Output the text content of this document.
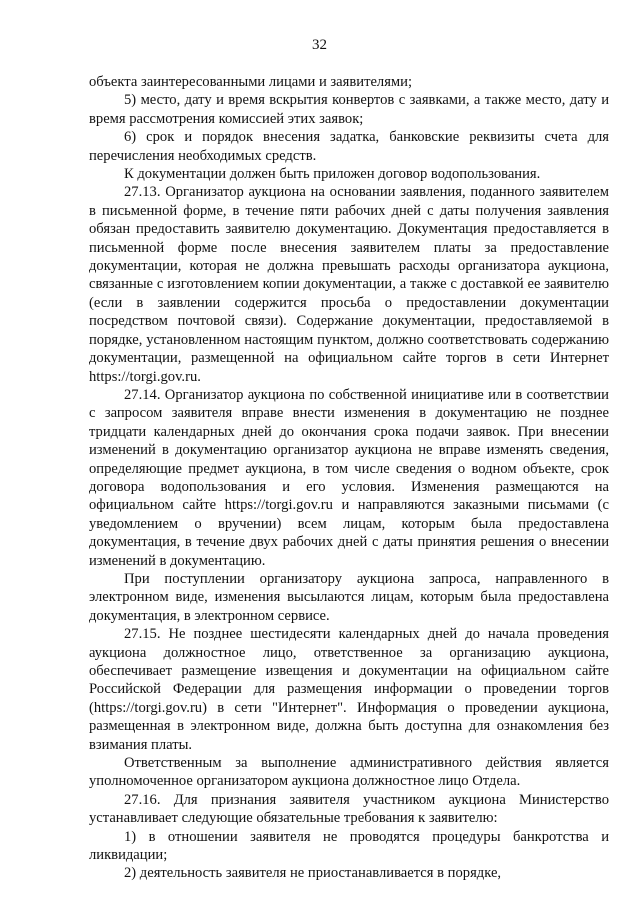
32

объекта заинтересованными лицами и заявителями;

5) место, дату и время вскрытия конвертов с заявками, а также место, дату и время рассмотрения комиссией этих заявок;

6) срок и порядок внесения задатка, банковские реквизиты счета для перечисления необходимых средств.

К документации должен быть приложен договор водопользования.

27.13. Организатор аукциона на основании заявления, поданного заявителем в письменной форме, в течение пяти рабочих дней с даты получения заявления обязан предоставить заявителю документацию. Документация предоставляется в письменной форме после внесения заявителем платы за предоставление документации, которая не должна превышать расходы организатора аукциона, связанные с изготовлением копии документации, а также с доставкой ее заявителю (если в заявлении содержится просьба о предоставлении документации посредством почтовой связи). Содержание документации, предоставляемой в порядке, установленном настоящим пунктом, должно соответствовать содержанию документации, размещенной на официальном сайте торгов в сети Интернет https://torgi.gov.ru.

27.14. Организатор аукциона по собственной инициативе или в соответствии с запросом заявителя вправе внести изменения в документацию не позднее тридцати календарных дней до окончания срока подачи заявок. При внесении изменений в документацию организатор аукциона не вправе изменять сведения, определяющие предмет аукциона, в том числе сведения о водном объекте, срок договора водопользования и его условия. Изменения размещаются на официальном сайте https://torgi.gov.ru и направляются заказными письмами (с уведомлением о вручении) всем лицам, которым была предоставлена документация, в течение двух рабочих дней с даты принятия решения о внесении изменений в документацию.

При поступлении организатору аукциона запроса, направленного в электронном виде, изменения высылаются лицам, которым была предоставлена документация, в электронном сервисе.

27.15. Не позднее шестидесяти календарных дней до начала проведения аукциона должностное лицо, ответственное за организацию аукциона, обеспечивает размещение извещения и документации на официальном сайте Российской Федерации для размещения информации о проведении торгов (https://torgi.gov.ru) в сети "Интернет". Информация о проведении аукциона, размещенная в электронном виде, должна быть доступна для ознакомления без взимания платы.

Ответственным за выполнение административного действия является уполномоченное организатором аукциона должностное лицо Отдела.

27.16. Для признания заявителя участником аукциона Министерство устанавливает следующие обязательные требования к заявителю:

1) в отношении заявителя не проводятся процедуры банкротства и ликвидации;

2) деятельность заявителя не приостанавливается в порядке,
